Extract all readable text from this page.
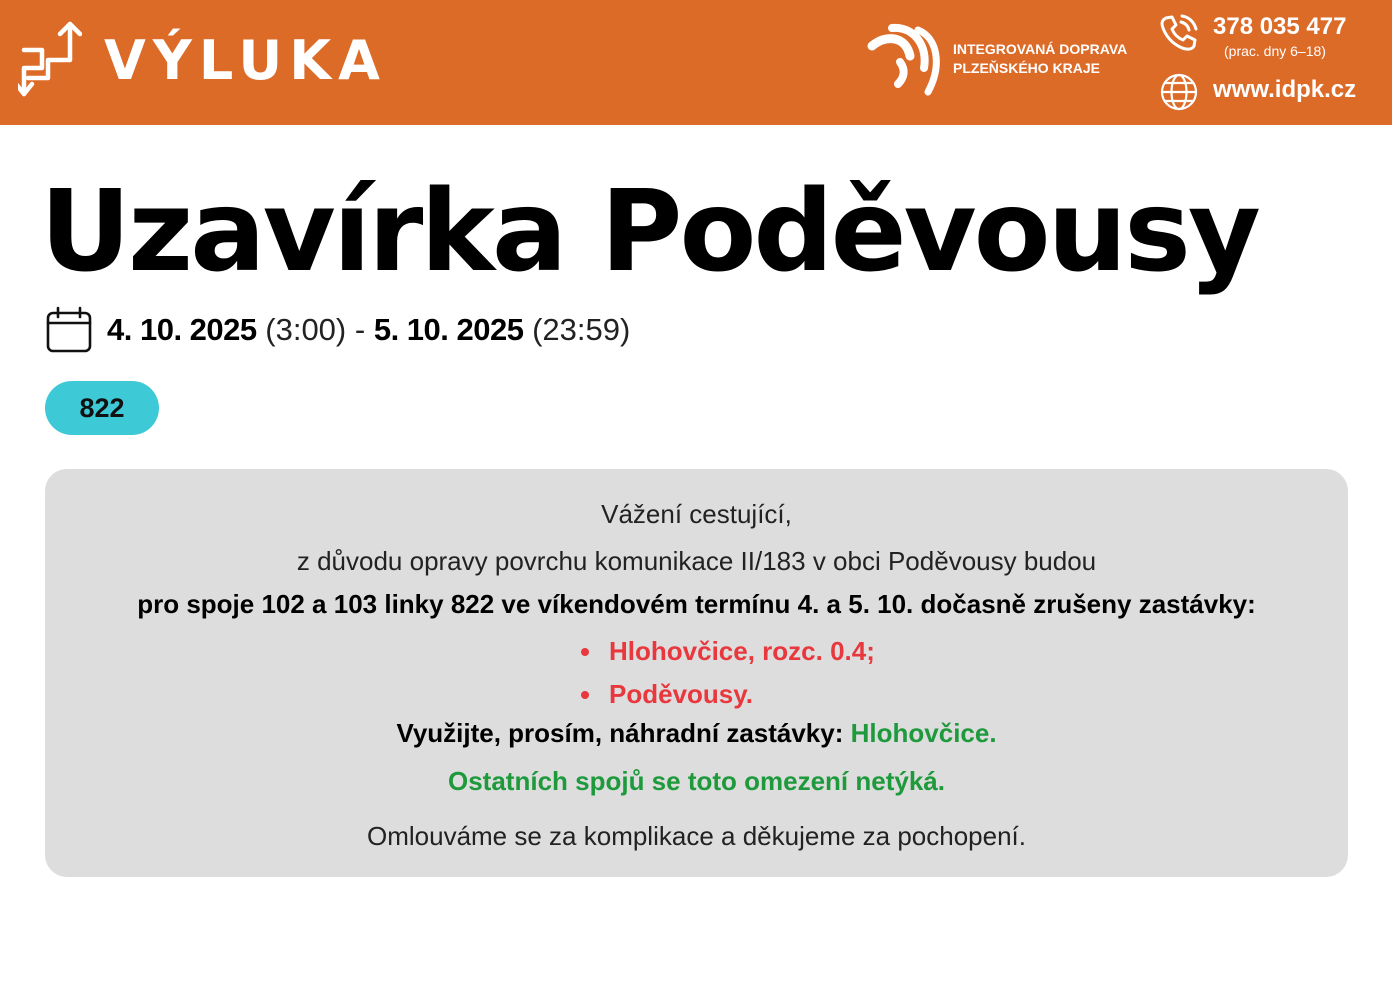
VÝLUKA	INTEGROVANÁ DOPRAVA
PLZEŇSKÉHO KRAJE
378 035 477
(prac. dny 6–18)
www.idpk.cz
Uzavírka Poděvousy
4. 10. 2025 (3:00) - 5. 10. 2025 (23:59)
822
Vážení cestující,
z důvodu opravy povrchu komunikace II/183 v obci Poděvousy budou
pro spoje 102 a 103 linky 822 ve víkendovém termínu 4. a 5. 10. dočasně zrušeny zastávky:
Hlohovčice, rozc. 0.4;
Poděvousy.
Využijte, prosím, náhradní zastávky: Hlohovčice.
Ostatních spojů se toto omezení netýká.
Omlouváme se za komplikace a děkujeme za pochopení.
